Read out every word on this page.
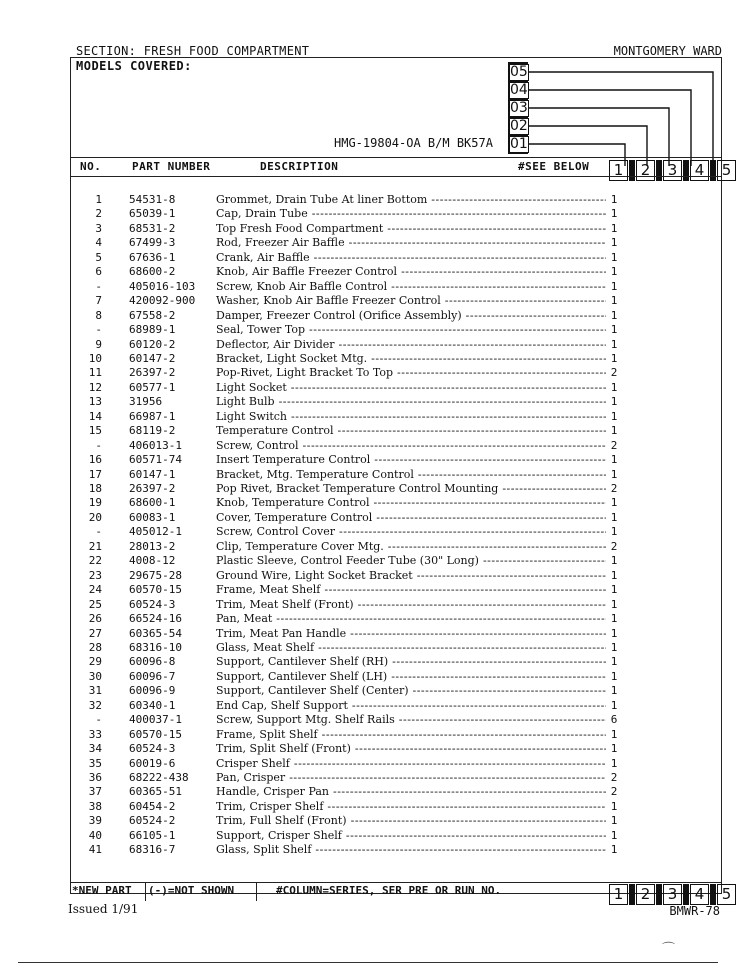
SECTION: FRESH FOOD COMPARTMENT	MONTGOMERY WARD
MODELS COVERED:
HMG-19804-OA B/M BK57A
05
04
03
02
01
NO.	PART NUMBER	DESCRIPTION	#SEE BELOW	1	2	3	4	5
1 54531-8	Grommet, Drain Tube At liner Bottom -----	1
2 65039-1	Cap, Drain Tube -----	1
3 68531-2	Top Fresh Food Compartment -----	1
4 67499-3	Rod, Freezer Air Baffle -----	1
5 67636-1	Crank, Air Baffle -----	1
6 68600-2	Knob, Air Baffle Freezer Control -----	1
- 405016-103	Screw, Knob Air Baffle Control -----	1
7 420092-900	Washer, Knob Air Baffle Freezer Control -----	1
8 67558-2	Damper, Freezer Control (Orifice Assembly) -----	1
- 68989-1	Seal, Tower Top -----	1
9 60120-2	Deflector, Air Divider -----	1
10 60147-2	Bracket, Light Socket Mtg. -----	1
11 26397-2	Pop-Rivet, Light Bracket To Top -----	2
12 60577-1	Light Socket -----	1
13 31956	Light Bulb -----	1
14 66987-1	Light Switch -----	1
15 68119-2	Temperature Control -----	1
- 406013-1	Screw, Control -----	2
16 60571-74	Insert Temperature Control -----	1
17 60147-1	Bracket, Mtg. Temperature Control -----	1
18 26397-2	Pop Rivet, Bracket Temperature Control Mounting -----	2
19 68600-1	Knob, Temperature Control -----	1
20 60083-1	Cover, Temperature Control -----	1
- 405012-1	Screw, Control Cover -----	1
21 28013-2	Clip, Temperature Cover Mtg. -----	2
22 4008-12	Plastic Sleeve, Control Feeder Tube (30" Long) -----	1
23 29675-28	Ground Wire, Light Socket Bracket -----	1
24 60570-15	Frame, Meat Shelf -----	1
25 60524-3	Trim, Meat Shelf (Front) -----	1
26 66524-16	Pan, Meat -----	1
27 60365-54	Trim, Meat Pan Handle -----	1
28 68316-10	Glass, Meat Shelf -----	1
29 60096-8	Support, Cantilever Shelf (RH) -----	1
30 60096-7	Support, Cantilever Shelf (LH) -----	1
31 60096-9	Support, Cantilever Shelf (Center) -----	1
32 60340-1	End Cap, Shelf Support -----	1
- 400037-1	Screw, Support Mtg. Shelf Rails -----	6
33 60570-15	Frame, Split Shelf -----	1
34 60524-3	Trim, Split Shelf (Front) -----	1
35 60019-6	Crisper Shelf -----	1
36 68222-438	Pan, Crisper -----	2
37 60365-51	Handle, Crisper Pan -----	2
38 60454-2	Trim, Crisper Shelf -----	1
39 60524-2	Trim, Full Shelf (Front) -----	1
40 66105-1	Support, Crisper Shelf -----	1
41 68316-7	Glass, Split Shelf -----	1
*NEW PART (-)=NOT SHOWN	#COLUMN=SERIES, SER PRE OR RUN NO.	1	2	3	4	5
Issued 1/91	BMWR-78
⌒
